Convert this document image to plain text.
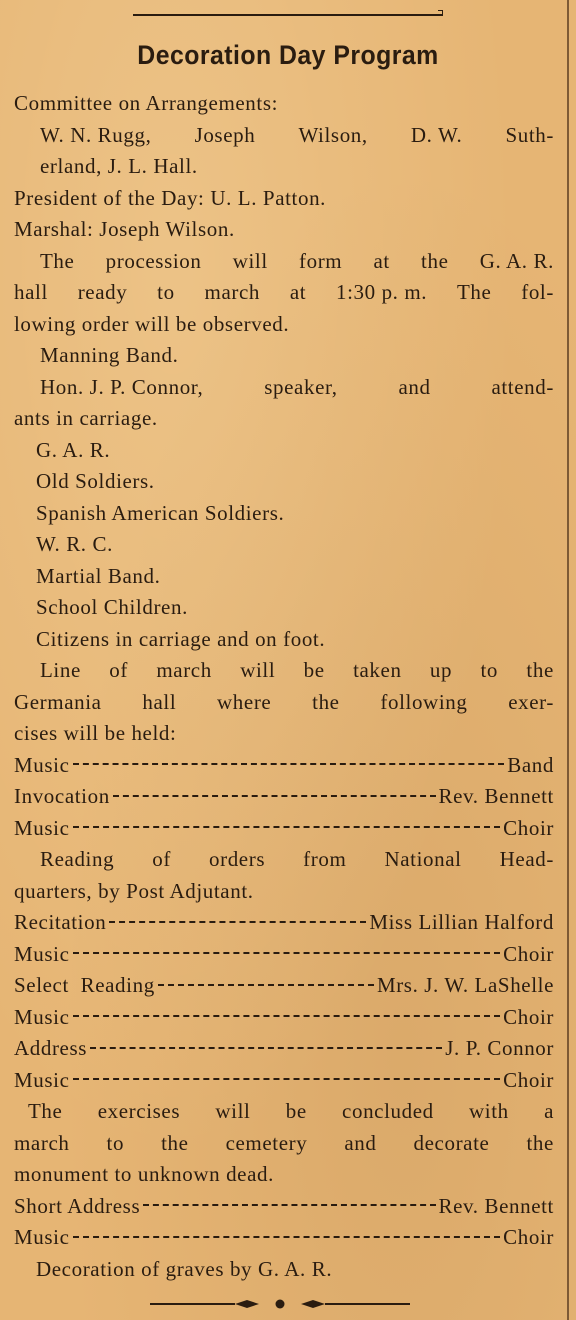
Decoration Day Program
Committee on Arrangements:
W. N. Rugg, Joseph Wilson, D. W. Suth-
erland, J. L. Hall.
President of the Day: U. L. Patton.
Marshal: Joseph Wilson.
The procession will form at the G. A. R.
hall ready to march at 1:30 p. m. The fol-
lowing order will be observed.
Manning Band.
Hon. J. P. Connor,	speaker,	and	attend-
ants in carriage.
G. A. R.
Old Soldiers.
Spanish American Soldiers.
W. R. C.
Martial Band.
School Children.
Citizens in carriage and on foot.
Line of march will be taken up to the
Germania hall where the following exer-
cises will be held:
Music	Band
Invocation	Rev. Bennett
Music	Choir
Reading of orders from National Head-
quarters, by Post Adjutant.
Recitation	Miss Lillian Halford
Music	Choir
Select  Reading	Mrs. J. W. LaShelle
Music	Choir
Address	J. P. Connor
Music	Choir
The exercises will be concluded with a
march to the cemetery and decorate the
monument to unknown dead.
Short Address	Rev. Bennett
Music	Choir
Decoration of graves by G. A. R.
